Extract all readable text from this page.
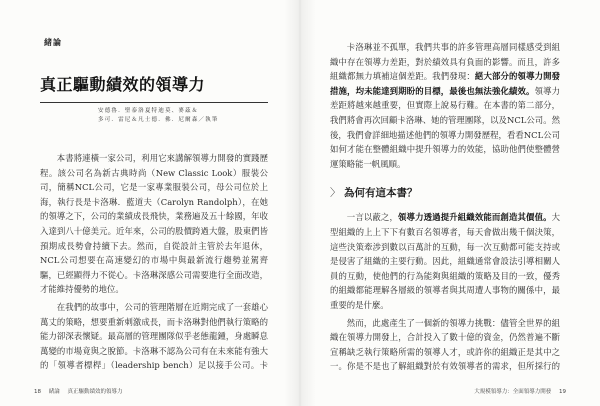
緒論
真正驅動績效的領導力
安德魯．聖泰洛夏特迪莫、麥茲＆
多可．雷尼＆凡士德．佛．尼爾森／執筆

本書將連橫一家公司，利用它來講解領導力開發的實踐歷程。該公司名為新古典時尚（New Classic Look）服裝公司，簡稱NCL公司，它是一家專業服裝公司，母公司位於上海，執行長是卡洛琳．藍道夫（Carolyn Randolph），在她的領導之下，公司的業績成長飛快，業務遍及五十餘國，年收入達到八十億美元。近年來，公司的股價跨過大盤，股東們皆預期成長勢會持續下去。然而，自從設計主管於去年退休，NCL公司想要在高速變幻的市場中與最新流行趨勢並駕齊驅，已經顯得力不從心。卡洛琳深感公司需要進行全面改造，才能維持優勢的地位。

在我們的故事中，公司的管理階層在近期完成了一套雄心萬丈的策略，想要重新刺激成長，而卡洛琳對他們執行策略的能力卻深表懷疑。最高層的管理團隊似乎老態龍鍾，身處瞬息萬變的市場竟與之脫節。卡洛琳不認為公司有在未來能有強大的「領導者標桿」（leadership bench）足以接手公司。卡

18 緒論 真正驅動績效的領導力

卡洛琳並不孤單，我們共事的許多管理高層同樣感受到組織中存在領導力差距，對於績效具有負面的影響。而且，許多組織都無力填補這個差距。我們發現：絕大部分的領導力開發措施，均未能達到期盼的目標，最後也無法強化績效。領導力差距將越來越重要，但實際上說易行難。在本書的第二部分，我們將會再次回顧卡洛琳、她的管理團隊，以及NCL公司。然後，我們會詳細地描述他們的領導力開發歷程，看看NCL公司如何才能在整體組織中提升領導力的效能，協助他們使整體營運策略能一帆風順。

〉 為何有這本書？

一言以蔽之，領導力透過提升組織效能而創造其價值。大型組織的上上下下有數百名領導者，每天會做出幾千個決策，這些決策牽涉到數以百萬計的互動，每一次互動都可能支持或是侵害了組織的主要行動。因此，組織通常會設法引導相關人員的互動，使他們的行為能夠與組織的策略及目的一致，優秀的組織都能理解各層級的領導者與其周遭人事物的關係中，最重要的是什麼。

然而，此處產生了一個新的領導力挑戰：儘管全世界的組織在領導力開發上，合計投入了數十億的資金，仍然普遍不斷宣稱缺乏執行策略所需的領導人才，或許你的組織正是其中之一。你是不是也了解組織對於有效領導者的需求，但所採行的

大規模領導力：全面領導力開發 19
